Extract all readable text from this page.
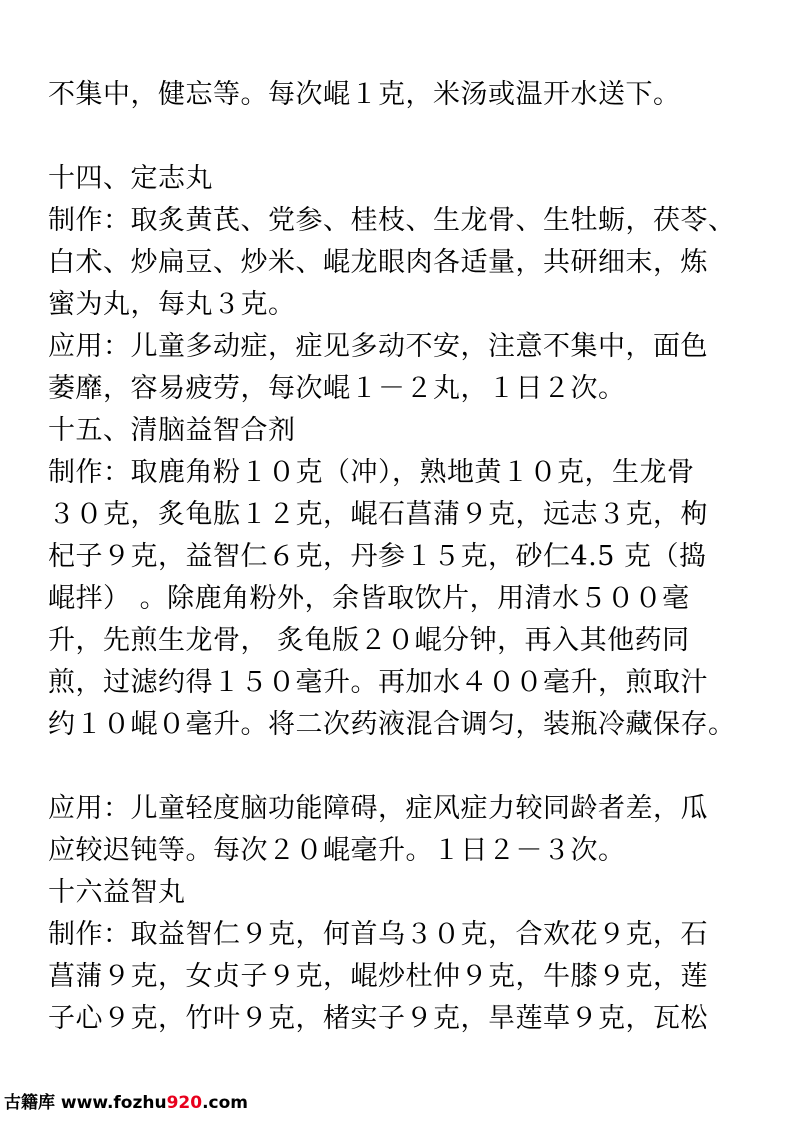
不集中，健忘等。每次崐１克，米汤或温开水送下。
十四、定志丸
制作：取炙黄芪、党参、桂枝、生龙骨、生牡蛎，茯苓、
白术、炒扁豆、炒米、崐龙眼肉各适量，共研细末，炼
蜜为丸，每丸３克。
应用：儿童多动症，症见多动不安，注意不集中，面色
萎靡，容易疲劳，每次崐１－２丸，１日２次。
十五、清脑益智合剂
制作：取鹿角粉１０克（冲），熟地黄１０克，生龙骨
３０克，炙龟肱１２克，崐石菖蒲９克，远志３克，枸
杞子９克，益智仁６克，丹参１５克，砂仁4.5 克（捣
崐拌） 。除鹿角粉外，余皆取饮片，用清水５００毫
升，先煎生龙骨， 炙龟版２０崐分钟，再入其他药同
煎，过滤约得１５０毫升。再加水４００毫升，煎取汁
约１０崐０毫升。将二次药液混合调匀，装瓶冷藏保存。
应用：儿童轻度脑功能障碍，症风症力较同龄者差，瓜
应较迟钝等。每次２０崐毫升。１日２－３次。
十六益智丸
制作：取益智仁９克，何首乌３０克，合欢花９克，石
菖蒲９克，女贞子９克，崐炒杜仲９克，牛膝９克，莲
子心９克，竹叶９克，楮实子９克，旱莲草９克，瓦松
古籍库 www.fozhu920.com
